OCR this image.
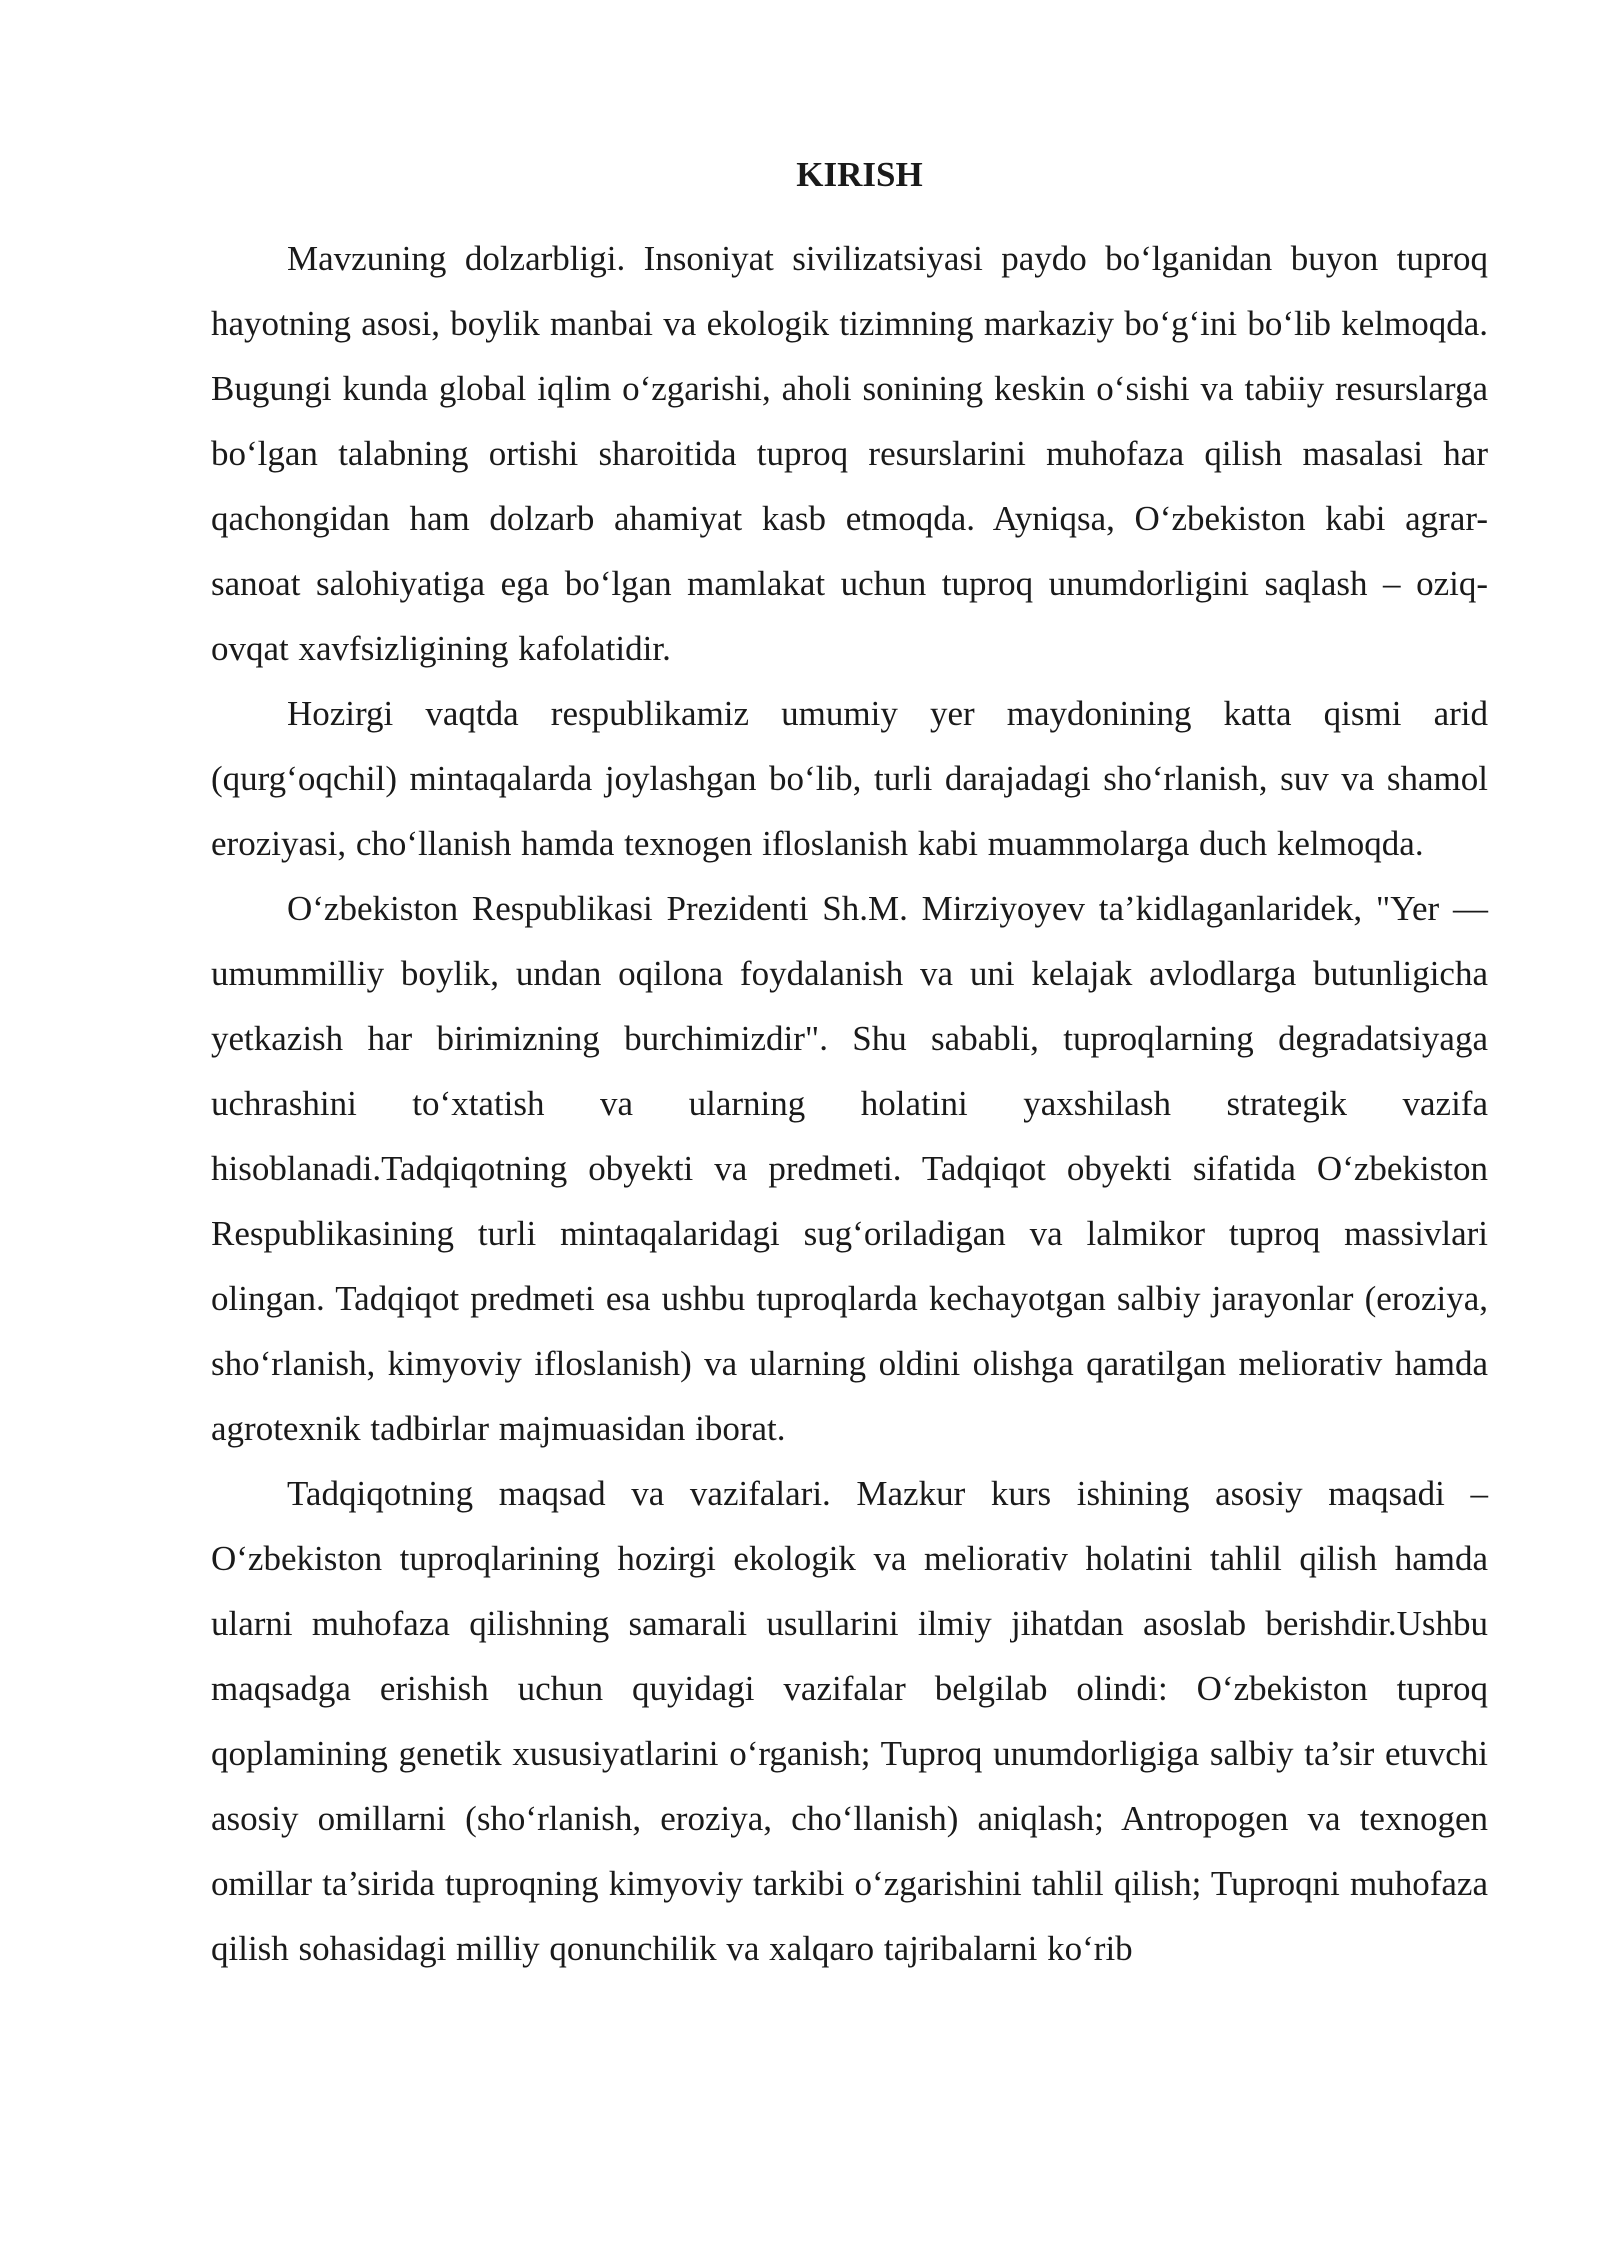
KIRISH

Mavzuning dolzarbligi. Insoniyat sivilizatsiyasi paydo bo‘lganidan buyon tuproq hayotning asosi, boylik manbai va ekologik tizimning markaziy bo‘g‘ini bo‘lib kelmoqda. Bugungi kunda global iqlim o‘zgarishi, aholi sonining keskin o‘sishi va tabiiy resurslarga bo‘lgan talabning ortishi sharoitida tuproq resurslarini muhofaza qilish masalasi har qachongidan ham dolzarb ahamiyat kasb etmoqda. Ayniqsa, O‘zbekiston kabi agrar-sanoat salohiyatiga ega bo‘lgan mamlakat uchun tuproq unumdorligini saqlash – oziq-ovqat xavfsizligining kafolatidir.

Hozirgi vaqtda respublikamiz umumiy yer maydonining katta qismi arid (qurg‘oqchil) mintaqalarda joylashgan bo‘lib, turli darajadagi sho‘rlanish, suv va shamol eroziyasi, cho‘llanish hamda texnogen ifloslanish kabi muammolarga duch kelmoqda.

O‘zbekiston Respublikasi Prezidenti Sh.M. Mirziyoyev ta’kidlaganlaridek, "Yer — umummilliy boylik, undan oqilona foydalanish va uni kelajak avlodlarga butunligicha yetkazish har birimizning burchimizdir". Shu sababli, tuproqlarning degradatsiyaga uchrashini to‘xtatish va ularning holatini yaxshilash strategik vazifa hisoblanadi.Tadqiqotning obyekti va predmeti. Tadqiqot obyekti sifatida O‘zbekiston Respublikasining turli mintaqalaridagi sug‘oriladigan va lalmikor tuproq massivlari olingan. Tadqiqot predmeti esa ushbu tuproqlarda kechayotgan salbiy jarayonlar (eroziya, sho‘rlanish, kimyoviy ifloslanish) va ularning oldini olishga qaratilgan meliorativ hamda agrotexnik tadbirlar majmuasidan iborat.

Tadqiqotning maqsad va vazifalari. Mazkur kurs ishining asosiy maqsadi – O‘zbekiston tuproqlarining hozirgi ekologik va meliorativ holatini tahlil qilish hamda ularni muhofaza qilishning samarali usullarini ilmiy jihatdan asoslab berishdir.Ushbu maqsadga erishish uchun quyidagi vazifalar belgilab olindi: O‘zbekiston tuproq qoplamining genetik xususiyatlarini o‘rganish; Tuproq unumdorligiga salbiy ta’sir etuvchi asosiy omillarni (sho‘rlanish, eroziya, cho‘llanish) aniqlash; Antropogen va texnogen omillar ta’sirida tuproqning kimyoviy tarkibi o‘zgarishini tahlil qilish; Tuproqni muhofaza qilish sohasidagi milliy qonunchilik va xalqaro tajribalarni ko‘rib
